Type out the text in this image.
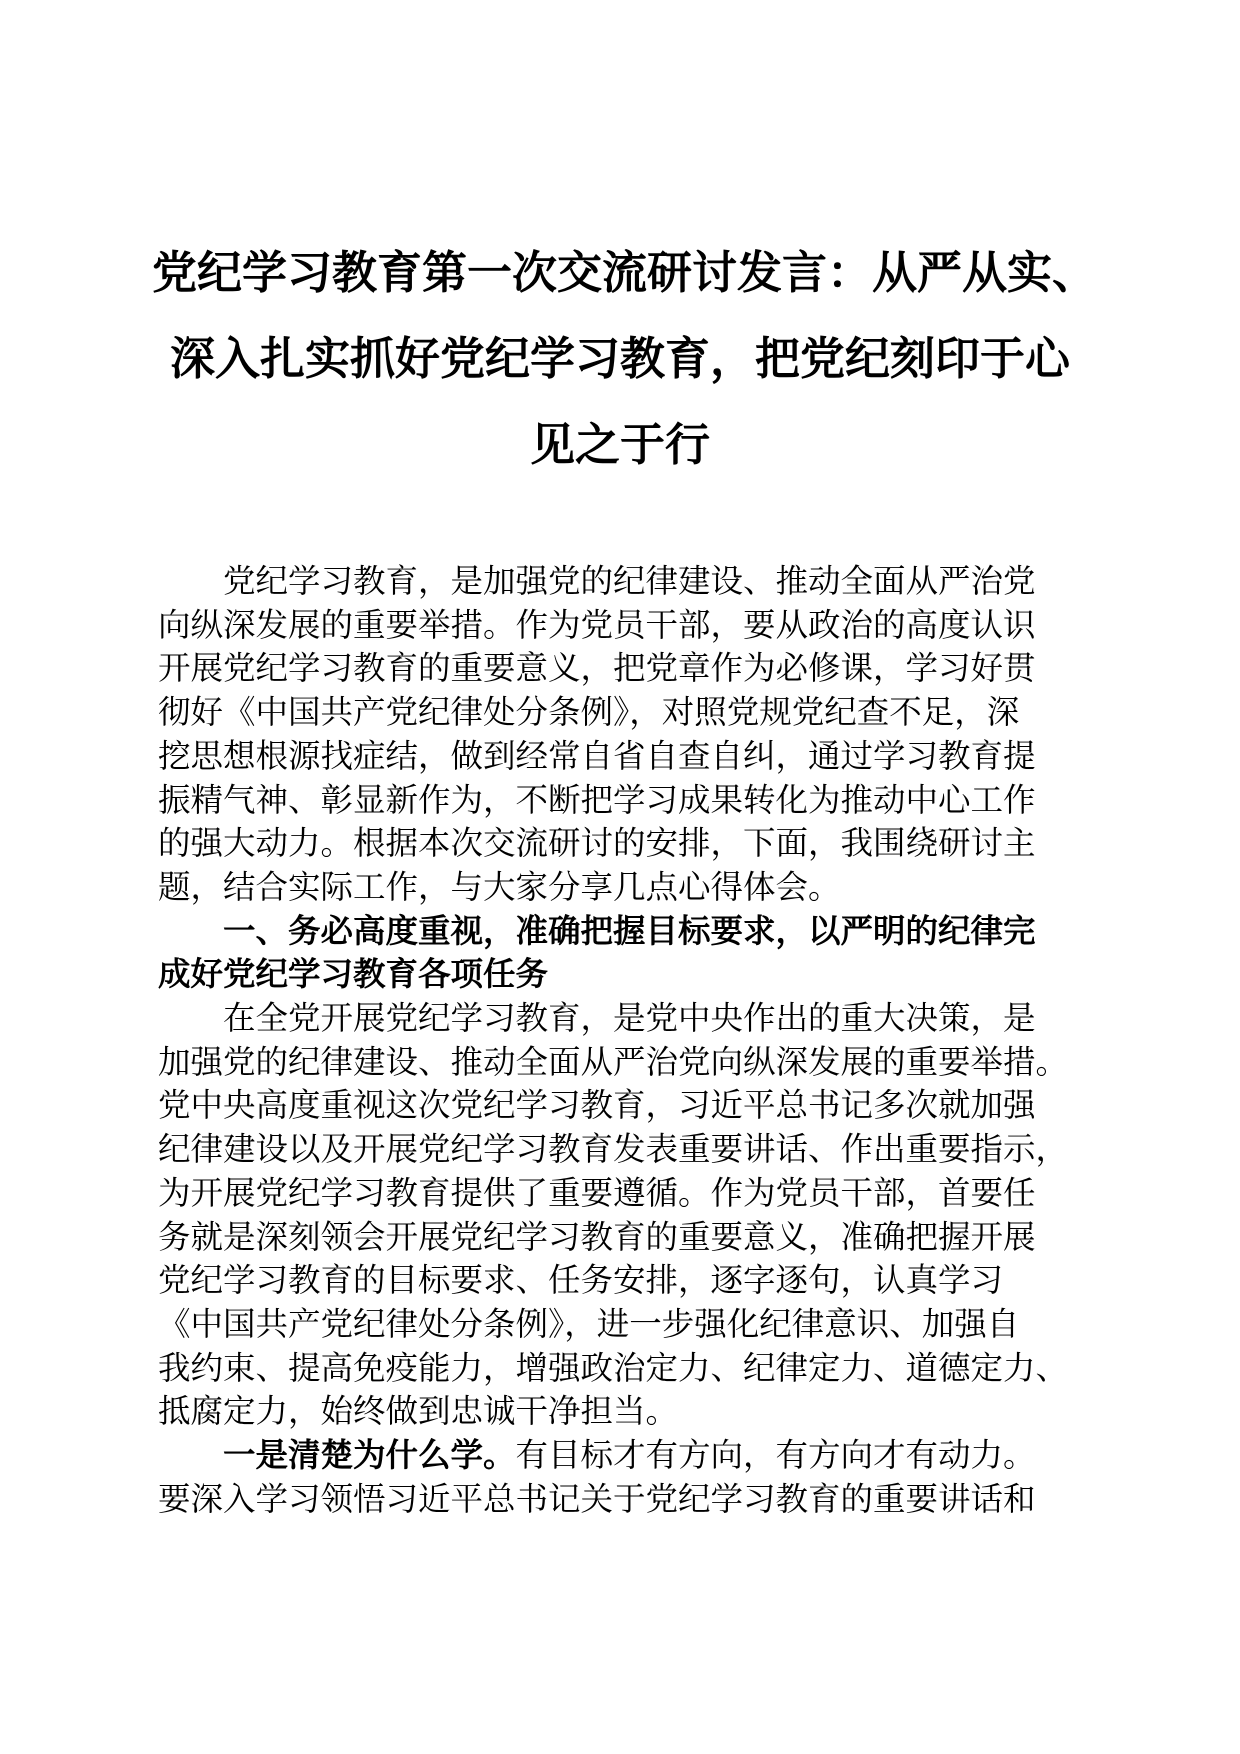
党纪学习教育第一次交流研讨发言：从严从实、
深入扎实抓好党纪学习教育，把党纪刻印于心
见之于行

党纪学习教育，是加强党的纪律建设、推动全面从严治党
向纵深发展的重要举措。作为党员干部，要从政治的高度认识
开展党纪学习教育的重要意义，把党章作为必修课，学习好贯
彻好《中国共产党纪律处分条例》，对照党规党纪查不足，深
挖思想根源找症结，做到经常自省自查自纠，通过学习教育提
振精气神、彰显新作为，不断把学习成果转化为推动中心工作
的强大动力。根据本次交流研讨的安排，下面，我围绕研讨主
题，结合实际工作，与大家分享几点心得体会。

一、务必高度重视，准确把握目标要求，以严明的纪律完
成好党纪学习教育各项任务

在全党开展党纪学习教育，是党中央作出的重大决策，是
加强党的纪律建设、推动全面从严治党向纵深发展的重要举措。
党中央高度重视这次党纪学习教育，习近平总书记多次就加强
纪律建设以及开展党纪学习教育发表重要讲话、作出重要指示，
为开展党纪学习教育提供了重要遵循。作为党员干部，首要任
务就是深刻领会开展党纪学习教育的重要意义，准确把握开展
党纪学习教育的目标要求、任务安排，逐字逐句，认真学习
《中国共产党纪律处分条例》，进一步强化纪律意识、加强自
我约束、提高免疫能力，增强政治定力、纪律定力、道德定力、
抵腐定力，始终做到忠诚干净担当。

一是清楚为什么学。有目标才有方向，有方向才有动力。
要深入学习领悟习近平总书记关于党纪学习教育的重要讲话和
